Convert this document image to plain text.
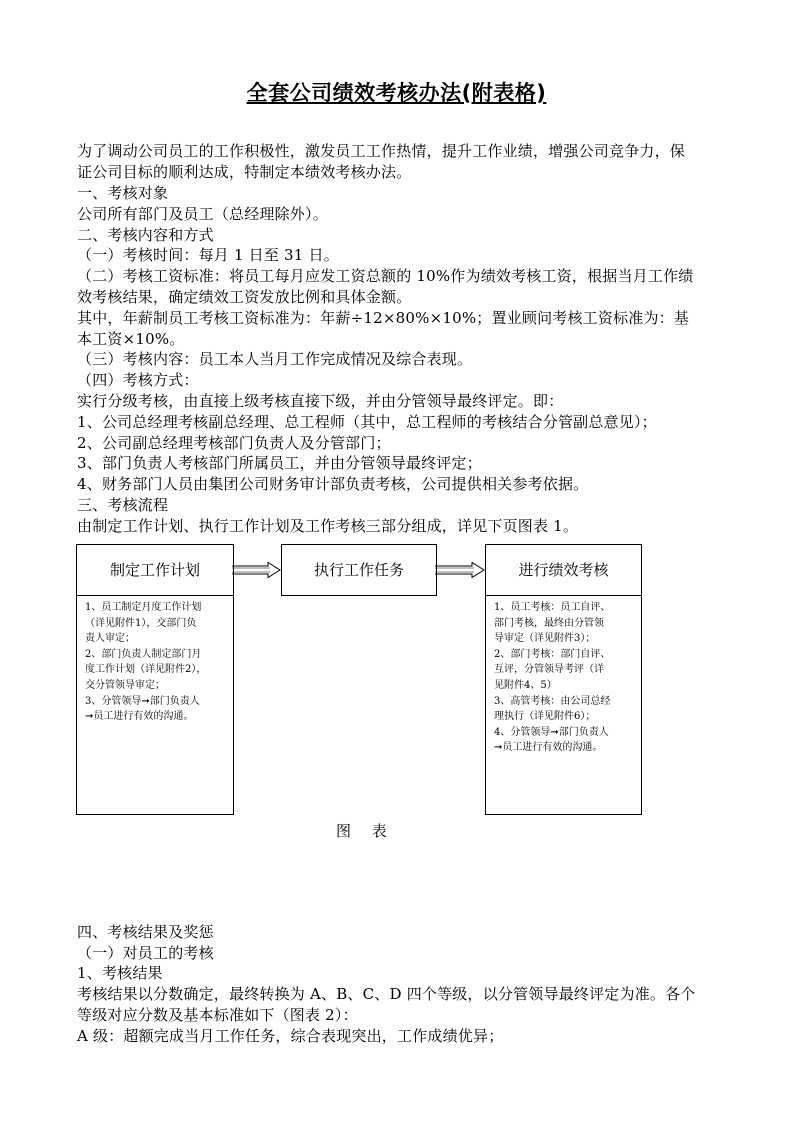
全套公司绩效考核办法(附表格)
为了调动公司员工的工作积极性，激发员工工作热情，提升工作业绩，增强公司竞争力，保
证公司目标的顺利达成，特制定本绩效考核办法。
一、考核对象
公司所有部门及员工（总经理除外）。
二、考核内容和方式
（一）考核时间：每月 1 日至 31 日。
（二）考核工资标准：将员工每月应发工资总额的 10%作为绩效考核工资，根据当月工作绩
效考核结果，确定绩效工资发放比例和具体金额。
其中，年薪制员工考核工资标准为：年薪÷12×80%×10%；置业顾问考核工资标准为：基
本工资×10%。
（三）考核内容：员工本人当月工作完成情况及综合表现。
（四）考核方式：
实行分级考核，由直接上级考核直接下级，并由分管领导最终评定。即：
1、公司总经理考核副总经理、总工程师（其中，总工程师的考核结合分管副总意见）；
2、公司副总经理考核部门负责人及分管部门；
3、部门负责人考核部门所属员工，并由分管领导最终评定；
4、财务部门人员由集团公司财务审计部负责考核，公司提供相关参考依据。
三、考核流程
由制定工作计划、执行工作计划及工作考核三部分组成，详见下页图表 1。
制定工作计划
1、员工制定月度工作计划
（详见附件1），交部门负
责人审定；
2、部门负责人制定部门月
度工作计划（详见附件2），
交分管领导审定；
3、分管领导➞部门负责人
➞员工进行有效的沟通。
执行工作任务	进行绩效考核
1、员工考核：员工自评、
部门考核，最终由分管领
导审定（详见附件3）；
2、部门考核：部门自评、
互评，分管领导考评（详
见附件4、5）
3、高管考核：由公司总经
理执行（详见附件6）；
4、分管领导➞部门负责人
➞员工进行有效的沟通。
图 表
四、考核结果及奖惩
（一）对员工的考核
1、考核结果
考核结果以分数确定，最终转换为 A、B、C、D 四个等级，以分管领导最终评定为准。各个
等级对应分数及基本标准如下（图表 2）：
A 级：超额完成当月工作任务，综合表现突出，工作成绩优异；
